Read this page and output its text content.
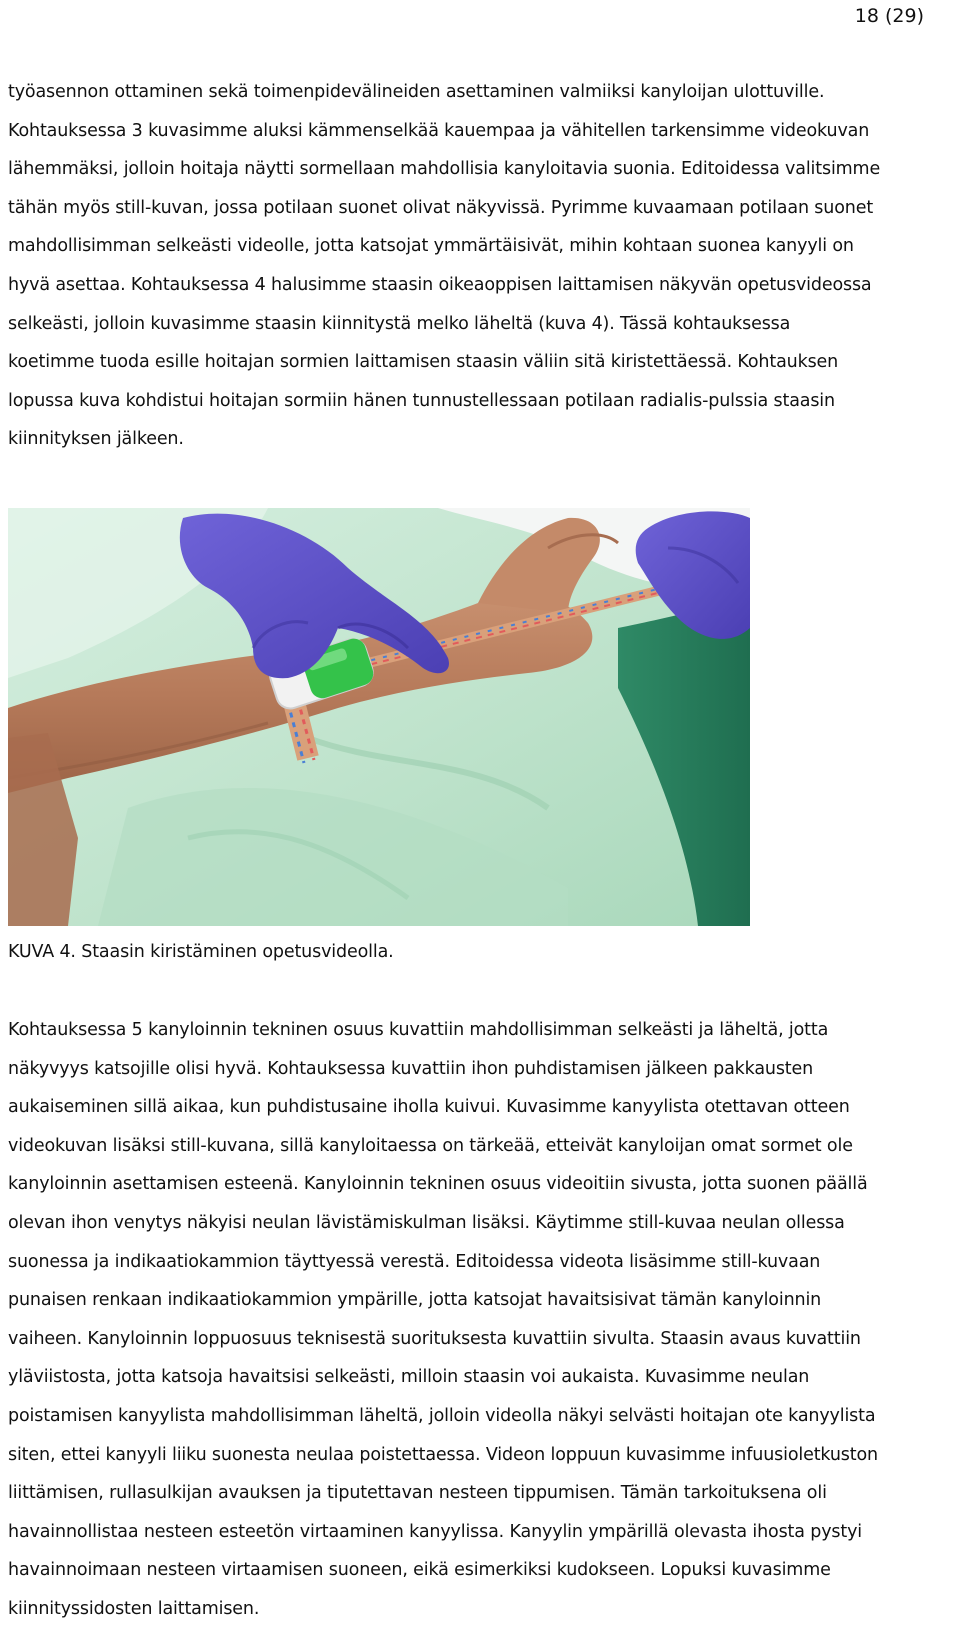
18 (29)
työasennon ottaminen sekä toimenpidevälineiden asettaminen valmiiksi kanyloijan ulottuville.
Kohtauksessa 3 kuvasimme aluksi kämmenselkää kauempaa ja vähitellen tarkensimme videokuvan
lähemmäksi, jolloin hoitaja näytti sormellaan mahdollisia kanyloitavia suonia. Editoidessa valitsimme
tähän myös still-kuvan, jossa potilaan suonet olivat näkyvissä. Pyrimme kuvaamaan potilaan suonet
mahdollisimman selkeästi videolle, jotta katsojat ymmärtäisivät, mihin kohtaan suonea kanyyli on
hyvä asettaa. Kohtauksessa 4 halusimme staasin oikeaoppisen laittamisen näkyvän opetusvideossa
selkeästi, jolloin kuvasimme staasin kiinnitystä melko läheltä (kuva 4). Tässä kohtauksessa
koetimme tuoda esille hoitajan sormien laittamisen staasin väliin sitä kiristettäessä. Kohtauksen
lopussa kuva kohdistui hoitajan sormiin hänen tunnustellessaan potilaan radialis-pulssia staasin
kiinnityksen jälkeen.
KUVA 4. Staasin kiristäminen opetusvideolla.
Kohtauksessa 5 kanyloinnin tekninen osuus kuvattiin mahdollisimman selkeästi ja läheltä, jotta
näkyvyys katsojille olisi hyvä. Kohtauksessa kuvattiin ihon puhdistamisen jälkeen pakkausten
aukaiseminen sillä aikaa, kun puhdistusaine iholla kuivui. Kuvasimme kanyylista otettavan otteen
videokuvan lisäksi still-kuvana, sillä kanyloitaessa on tärkeää, etteivät kanyloijan omat sormet ole
kanyloinnin asettamisen esteenä. Kanyloinnin tekninen osuus videoitiin sivusta, jotta suonen päällä
olevan ihon venytys näkyisi neulan lävistämiskulman lisäksi. Käytimme still-kuvaa neulan ollessa
suonessa ja indikaatiokammion täyttyessä verestä. Editoidessa videota lisäsimme still-kuvaan
punaisen renkaan indikaatiokammion ympärille, jotta katsojat havaitsisivat tämän kanyloinnin
vaiheen. Kanyloinnin loppuosuus teknisestä suorituksesta kuvattiin sivulta. Staasin avaus kuvattiin
yläviistosta, jotta katsoja havaitsisi selkeästi, milloin staasin voi aukaista. Kuvasimme neulan
poistamisen kanyylista mahdollisimman läheltä, jolloin videolla näkyi selvästi hoitajan ote kanyylista
siten, ettei kanyyli liiku suonesta neulaa poistettaessa. Videon loppuun kuvasimme infuusioletkuston
liittämisen, rullasulkijan avauksen ja tiputettavan nesteen tippumisen. Tämän tarkoituksena oli
havainnollistaa nesteen esteetön virtaaminen kanyylissa. Kanyylin ympärillä olevasta ihosta pystyi
havainnoimaan nesteen virtaamisen suoneen, eikä esimerkiksi kudokseen. Lopuksi kuvasimme
kiinnityssidosten laittamisen.
